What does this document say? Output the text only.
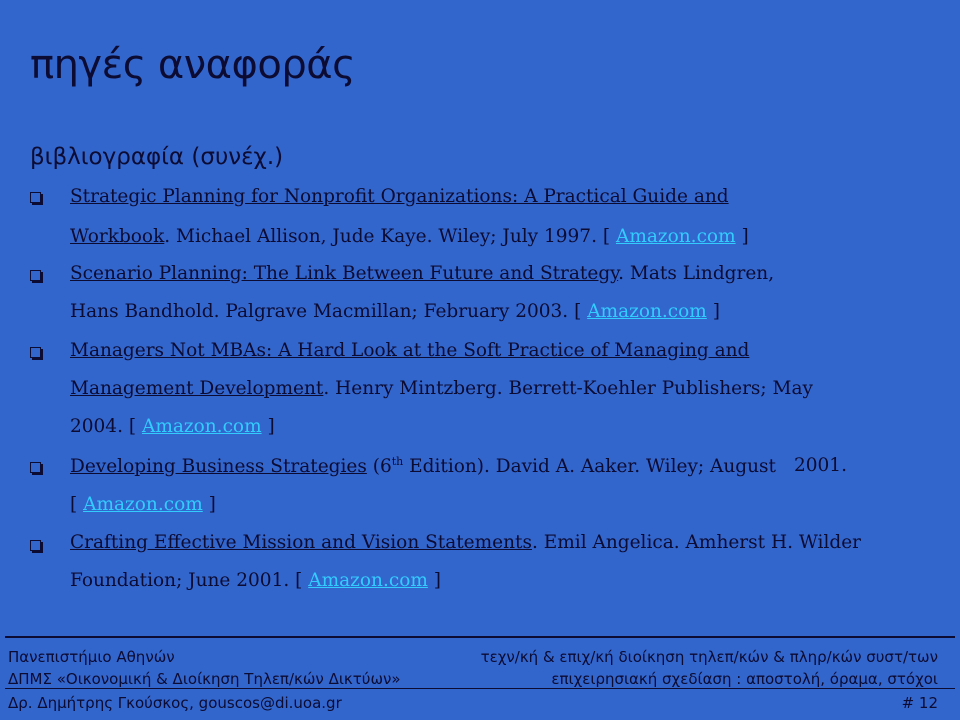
πηγές αναφοράς
βιβλιογραφία (συνέχ.)
Strategic Planning for Nonprofit Organizations: A Practical Guide and
Workbook. Michael Allison, Jude Kaye. Wiley; July 1997. [ Amazon.com ]
Scenario Planning: The Link Between Future and Strategy. Mats Lindgren,
Hans Bandhold. Palgrave Macmillan; February 2003. [ Amazon.com ]
Managers Not MBAs: A Hard Look at the Soft Practice of Managing and
Management Development. Henry Mintzberg. Berrett-Koehler Publishers; May
2004. [ Amazon.com ]
Developing Business Strategies (6th Edition). David A. Aaker. Wiley; August 2001.
[ Amazon.com ]
Crafting Effective Mission and Vision Statements. Emil Angelica. Amherst H. Wilder
Foundation; June 2001. [ Amazon.com ]
Πανεπιστήμιο Αθηνών
ΔΠΜΣ «Οικονομική & Διοίκηση Τηλεπ/κών Δικτύων»
Δρ. Δημήτρης Γκούσκος, gouscos@di.uoa.gr
τεχν/κή & επιχ/κή διοίκηση τηλεπ/κών & πληρ/κών συστ/των
επιχειρησιακή σχεδίαση : αποστολή, όραμα, στόχοι
# 12
